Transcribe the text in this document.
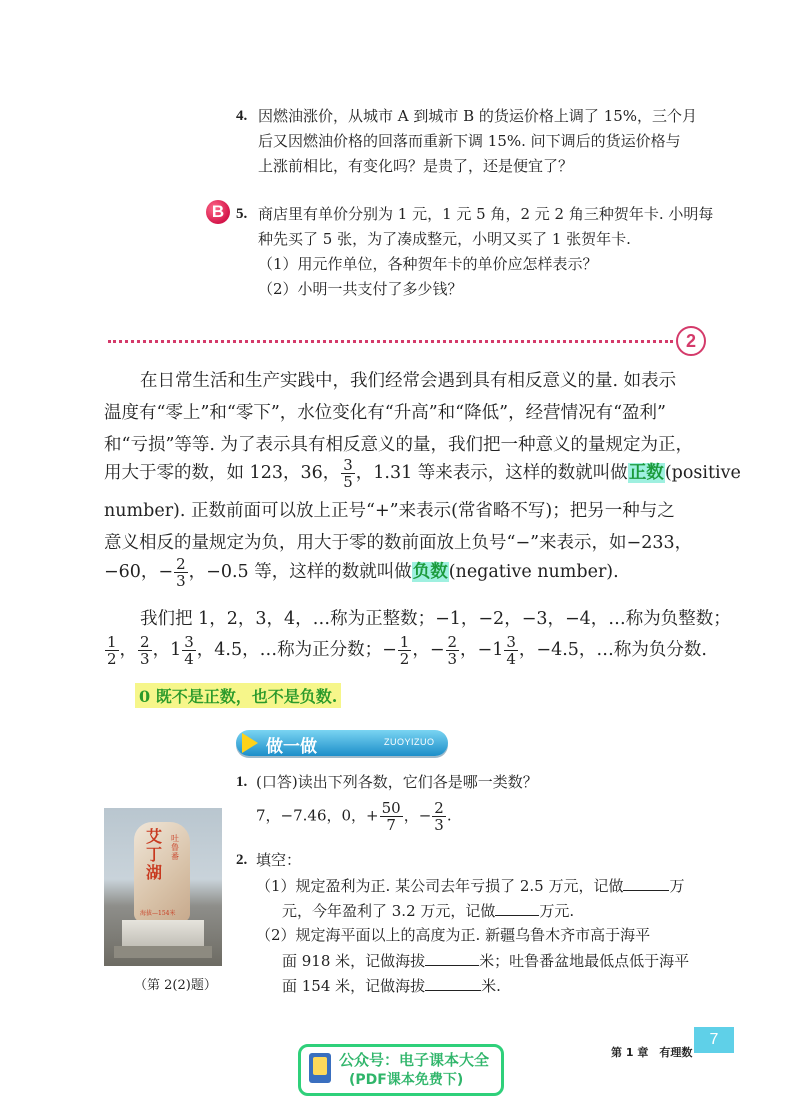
4. 因燃油涨价，从城市 A 到城市 B 的货运价格上调了 15%，三个月
后又因燃油价格的回落而重新下调 15%. 问下调后的货运价格与
上涨前相比，有变化吗？是贵了，还是便宜了？
B 5. 商店里有单价分别为 1 元，1 元 5 角，2 元 2 角三种贺年卡. 小明每
种先买了 5 张，为了凑成整元，小明又买了 1 张贺年卡.
（1）用元作单位，各种贺年卡的单价应怎样表示？
（2）小明一共支付了多少钱？
2
在日常生活和生产实践中，我们经常会遇到具有相反意义的量. 如表示
温度有“零上”和“零下”，水位变化有“升高”和“降低”，经营情况有“盈利”
和“亏损”等等. 为了表示具有相反意义的量，我们把一种意义的量规定为正，
用大于零的数，如 123，36， $\frac{3}{5}$ ，1.31 等来表示，这样的数就叫做正数(positive
number). 正数前面可以放上正号“+”来表示(常省略不写)；把另一种与之
意义相反的量规定为负，用大于零的数前面放上负号“−”来表示，如−233，
−60，− $\frac{2}{3}$ ，−0.5 等，这样的数就叫做负数(negative number).
我们把 1，2，3，4，…称为正整数；−1，−2，−3，−4，…称为负整数；
$\frac{1}{2}$ ， $\frac{2}{3}$ ，$1 \frac{3}{4}$ ，4.5，…称为正分数；− $\frac{1}{2}$ ，− $\frac{2}{3}$ ，$-1 \frac{3}{4}$ ，−4.5，…称为负分数.
0 既不是正数，也不是负数.
做一做	ZUOYIZUO
1. (口答)读出下列各数，它们各是哪一类数？
7，−7.46，0，+ $\frac{50}{7}$ ，− $\frac{2}{3}$ .
2. 填空：
（1）规定盈利为正. 某公司去年亏损了 2.5 万元，记做	万
元，今年盈利了 3.2 万元，记做	万元.
（2）规定海平面以上的高度为正. 新疆乌鲁木齐市高于海平
面 918 米，记做海拔	米；吐鲁番盆地最低点低于海平
面 154 米，记做海拔	米.
艾丁湖
吐鲁番
海拔—154米
（第 2(2)题）
第 1 章　有理数
7
公众号：电子课本大全
(PDF课本免费下)
